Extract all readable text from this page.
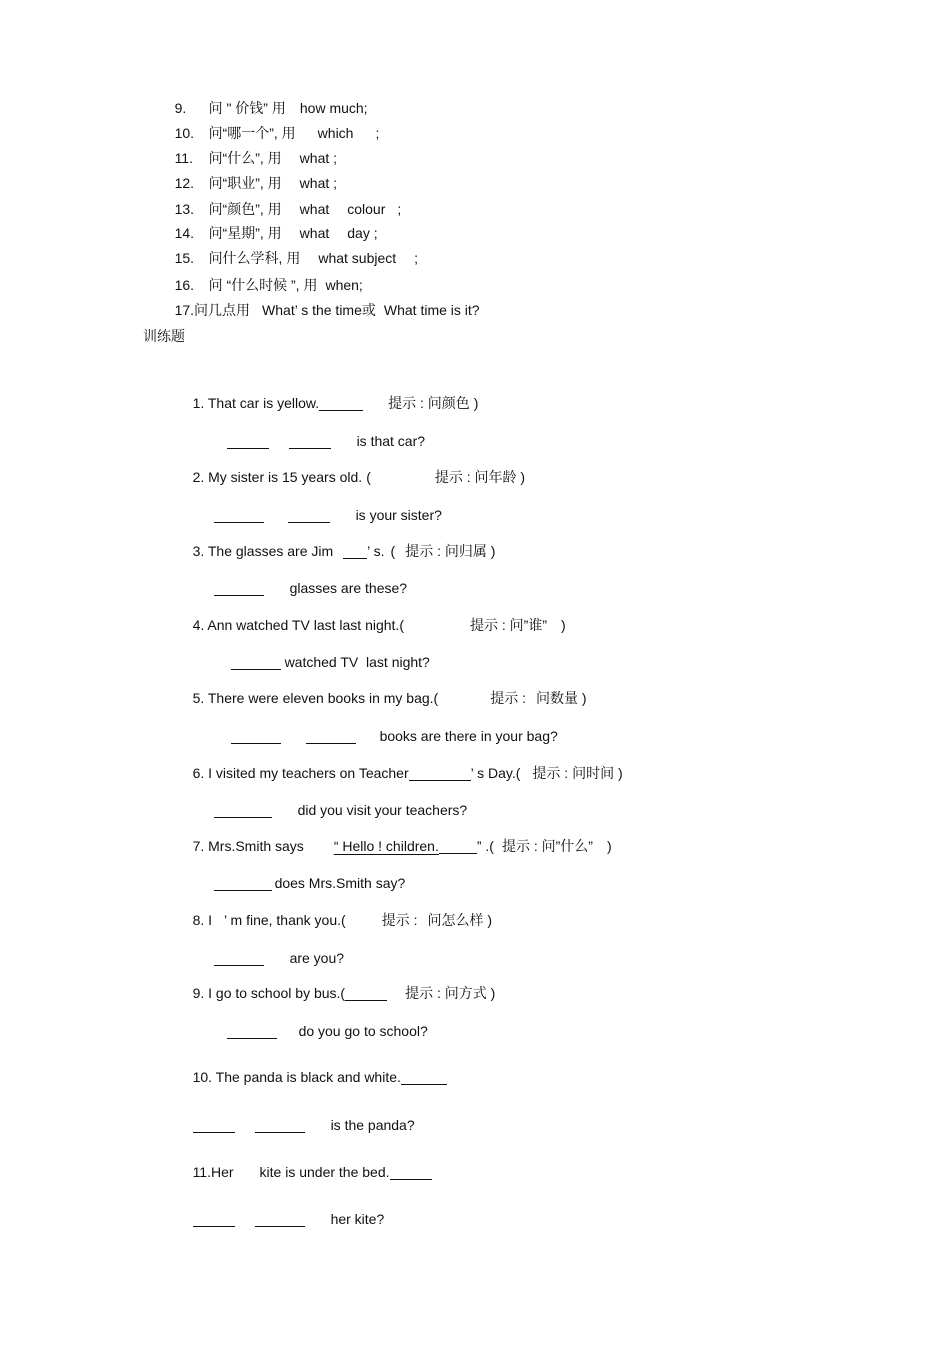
9. 问 " 价钱” 用 how much;

10. 问“哪一个”, 用 which ;

11. 问“什么”, 用 what ;

12. 问“职业”, 用 what ;

13. 问“颜色”, 用 what colour ;

14. 问“星期”, 用 what day ;

15. 问什么学科, 用 what subject ;

16. 问 “什么时候 ”, 用 when;

17.问几点用 What’ s the time或 What time is it?

训练题

1. That car is yellow.	提示 : 问颜色 )

is that car?

2. My sister is 15 years old. (	提示 : 问年龄 )

is your sister?

3. The glasses are Jim ’ s. ( 提示 : 问归属 )

glasses are these?

4. Ann watched TV last last night.(	提示 : 问”谁” )

watched TV  last night?

5. There were eleven books in my bag.(	提示 : 问数量 )

books are there in your bag?

6. I visited my teachers on Teacher	’ s Day.( 提示 : 问时间 )

did you visit your teachers?

7. Mrs.Smith says “ Hello ! children.	” .( 提示 : 问”什么” )

does Mrs.Smith say?

8. I ’ m fine, thank you.(	提示 : 问怎么样 )

are you?

9. I go to school by bus.(	提示 : 问方式 )

do you go to school?

10. The panda is black and white.

is the panda?

11.Her kite is under the bed.

her kite?
